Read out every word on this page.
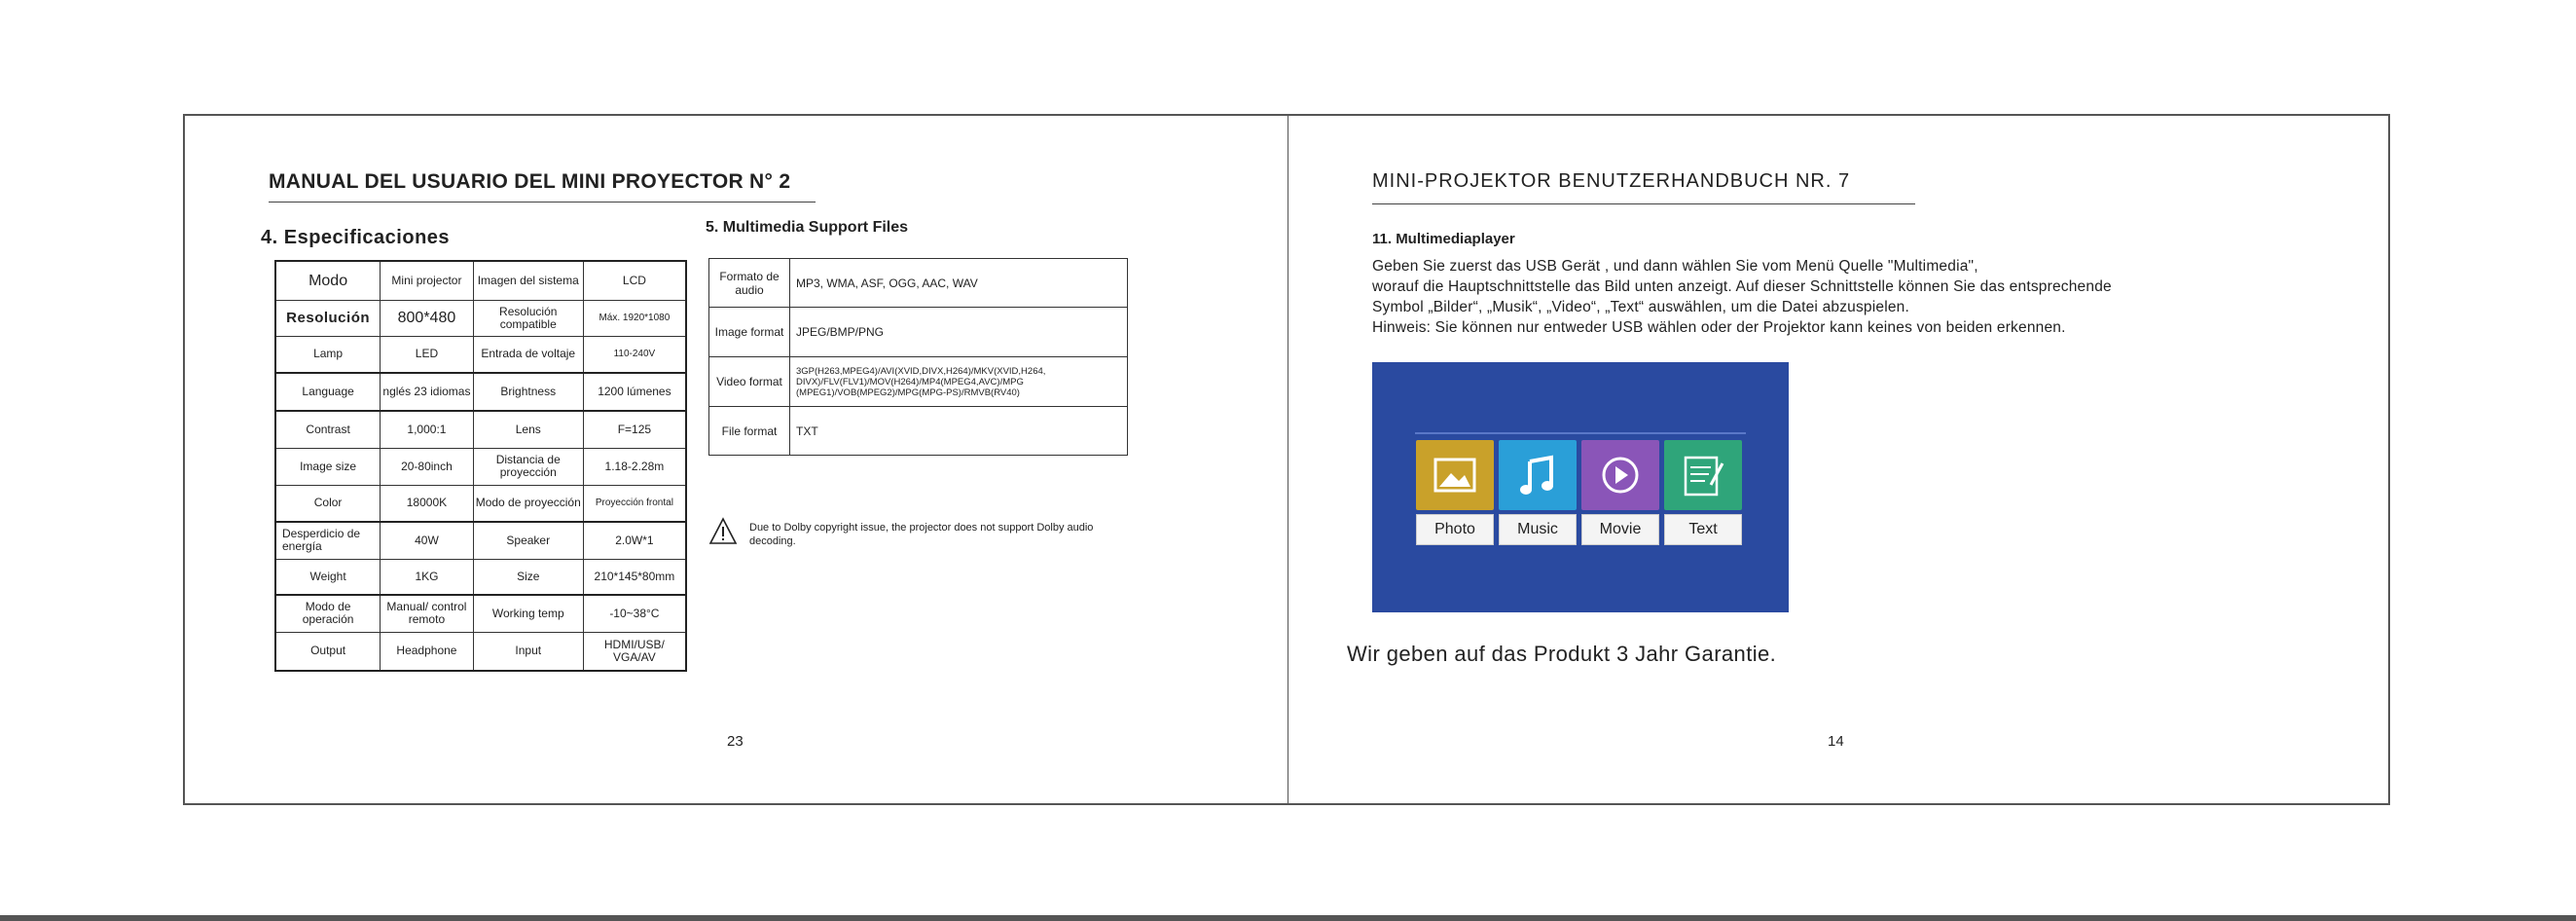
MANUAL DEL USUARIO DEL MINI PROYECTOR N° 2
4. Especificaciones
Modo	Mini projector	Imagen del sistema	LCD
Resolución	800*480	Resolución compatible	Máx. 1920*1080
Lamp	LED	Entrada de voltaje	110-240V
Language	nglés 23 idiomas	Brightness	1200 lúmenes
Contrast	1,000:1	Lens	F=125
Image size	20-80inch	Distancia de proyección	1.18-2.28m
Color	18000K	Modo de proyección	Proyección frontal
Desperdicio de energía	40W	Speaker	2.0W*1
Weight	1KG	Size	210*145*80mm
Modo de operación	Manual/ control remoto	Working temp	-10~38°C
Output	Headphone	Input	HDMI/USB/ VGA/AV
5. Multimedia Support Files
Formato de audio	MP3, WMA, ASF, OGG, AAC, WAV
Image format	JPEG/BMP/PNG
Video format	3GP(H263,MPEG4)/AVI(XVID,DIVX,H264)/MKV(XVID,H264, DIVX)/FLV(FLV1)/MOV(H264)/MP4(MPEG4,AVC)/MPG (MPEG1)/VOB(MPEG2)/MPG(MPG-PS)/RMVB(RV40)
File format	TXT
Due to Dolby copyright issue, the projector does not support Dolby audio decoding.
23
MINI-PROJEKTOR BENUTZERHANDBUCH NR. 7
11. Multimediaplayer
Geben Sie zuerst das USB Gerät , und dann wählen Sie vom Menü Quelle "Multimedia",
worauf die Hauptschnittstelle das Bild unten anzeigt. Auf dieser Schnittstelle können Sie das entsprechende
Symbol „Bilder“, „Musik“, „Video“, „Text“ auswählen, um die Datei abzuspielen.
Hinweis: Sie können nur entweder USB wählen oder der Projektor kann keines von beiden erkennen.
Photo	Music	Movie	Text
Wir geben auf das Produkt 3 Jahr Garantie.
14
